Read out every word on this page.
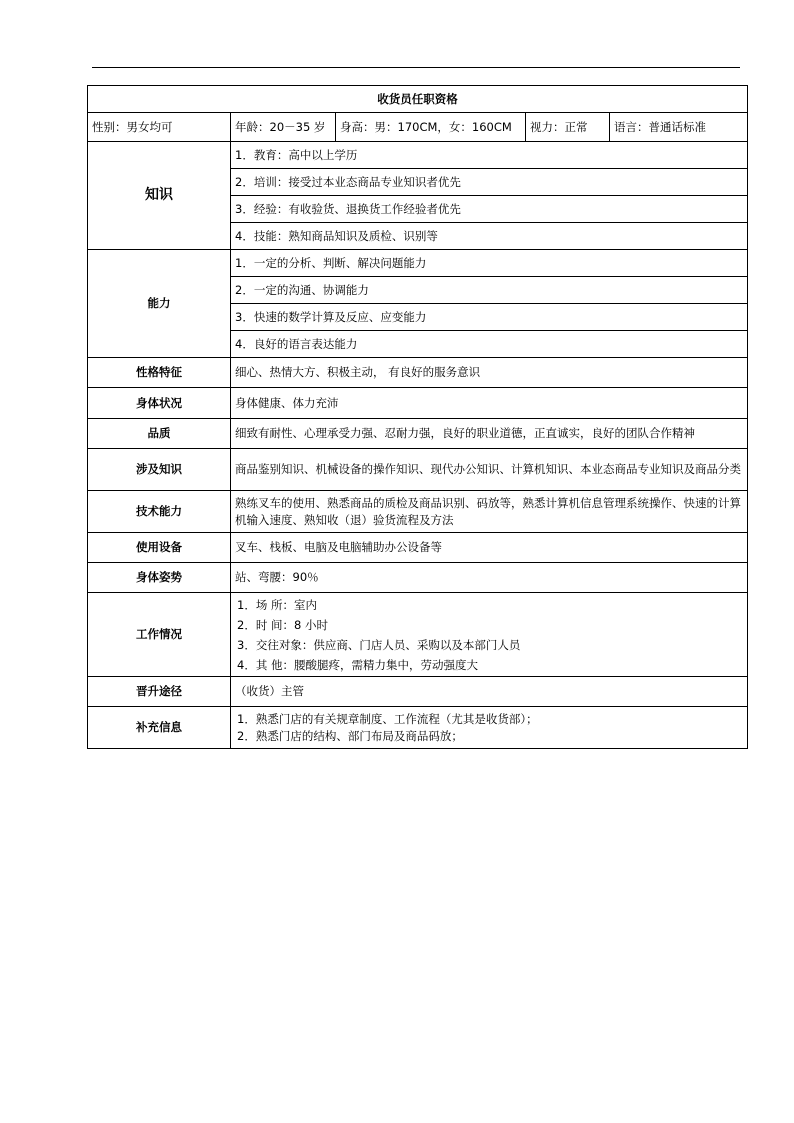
收货员任职资格				
性别：男女均可	年龄：20－35 岁	身高：男：170CM，女：160CM	视力：正常	语言：普通话标准
知识	1．教育：高中以上学历			
	2．培训：接受过本业态商品专业知识者优先			
	3．经验：有收验货、退换货工作经验者优先			
	4．技能：熟知商品知识及质检、识别等			
能力	1．一定的分析、判断、解决问题能力			
	2．一定的沟通、协调能力			
	3．快速的数学计算及反应、应变能力			
	4．良好的语言表达能力			
性格特征	细心、热情大方、积极主动， 有良好的服务意识			
身体状况	身体健康、体力充沛			
品质	细致有耐性、心理承受力强、忍耐力强，良好的职业道德，正直诚实，良好的团队合作精神			
涉及知识	商品鉴别知识、机械设备的操作知识、现代办公知识、计算机知识、本业态商品专业知识及商品分类			
技术能力	熟练叉车的使用、熟悉商品的质检及商品识别、码放等，熟悉计算机信息管理系统操作、快速的计算机输入速度、熟知收（退）验货流程及方法			
使用设备	叉车、栈板、电脑及电脑辅助办公设备等			
身体姿势	站、弯腰：90％			
工作情况	1．场 所：室内
2．时 间：8 小时
3．交往对象：供应商、门店人员、采购以及本部门人员
4．其 他：腰酸腿疼，需精力集中，劳动强度大			

晋升途径	（收货）主管			
补充信息	1．熟悉门店的有关规章制度、工作流程（尤其是收货部）；
2．熟悉门店的结构、部门布局及商品码放；			
